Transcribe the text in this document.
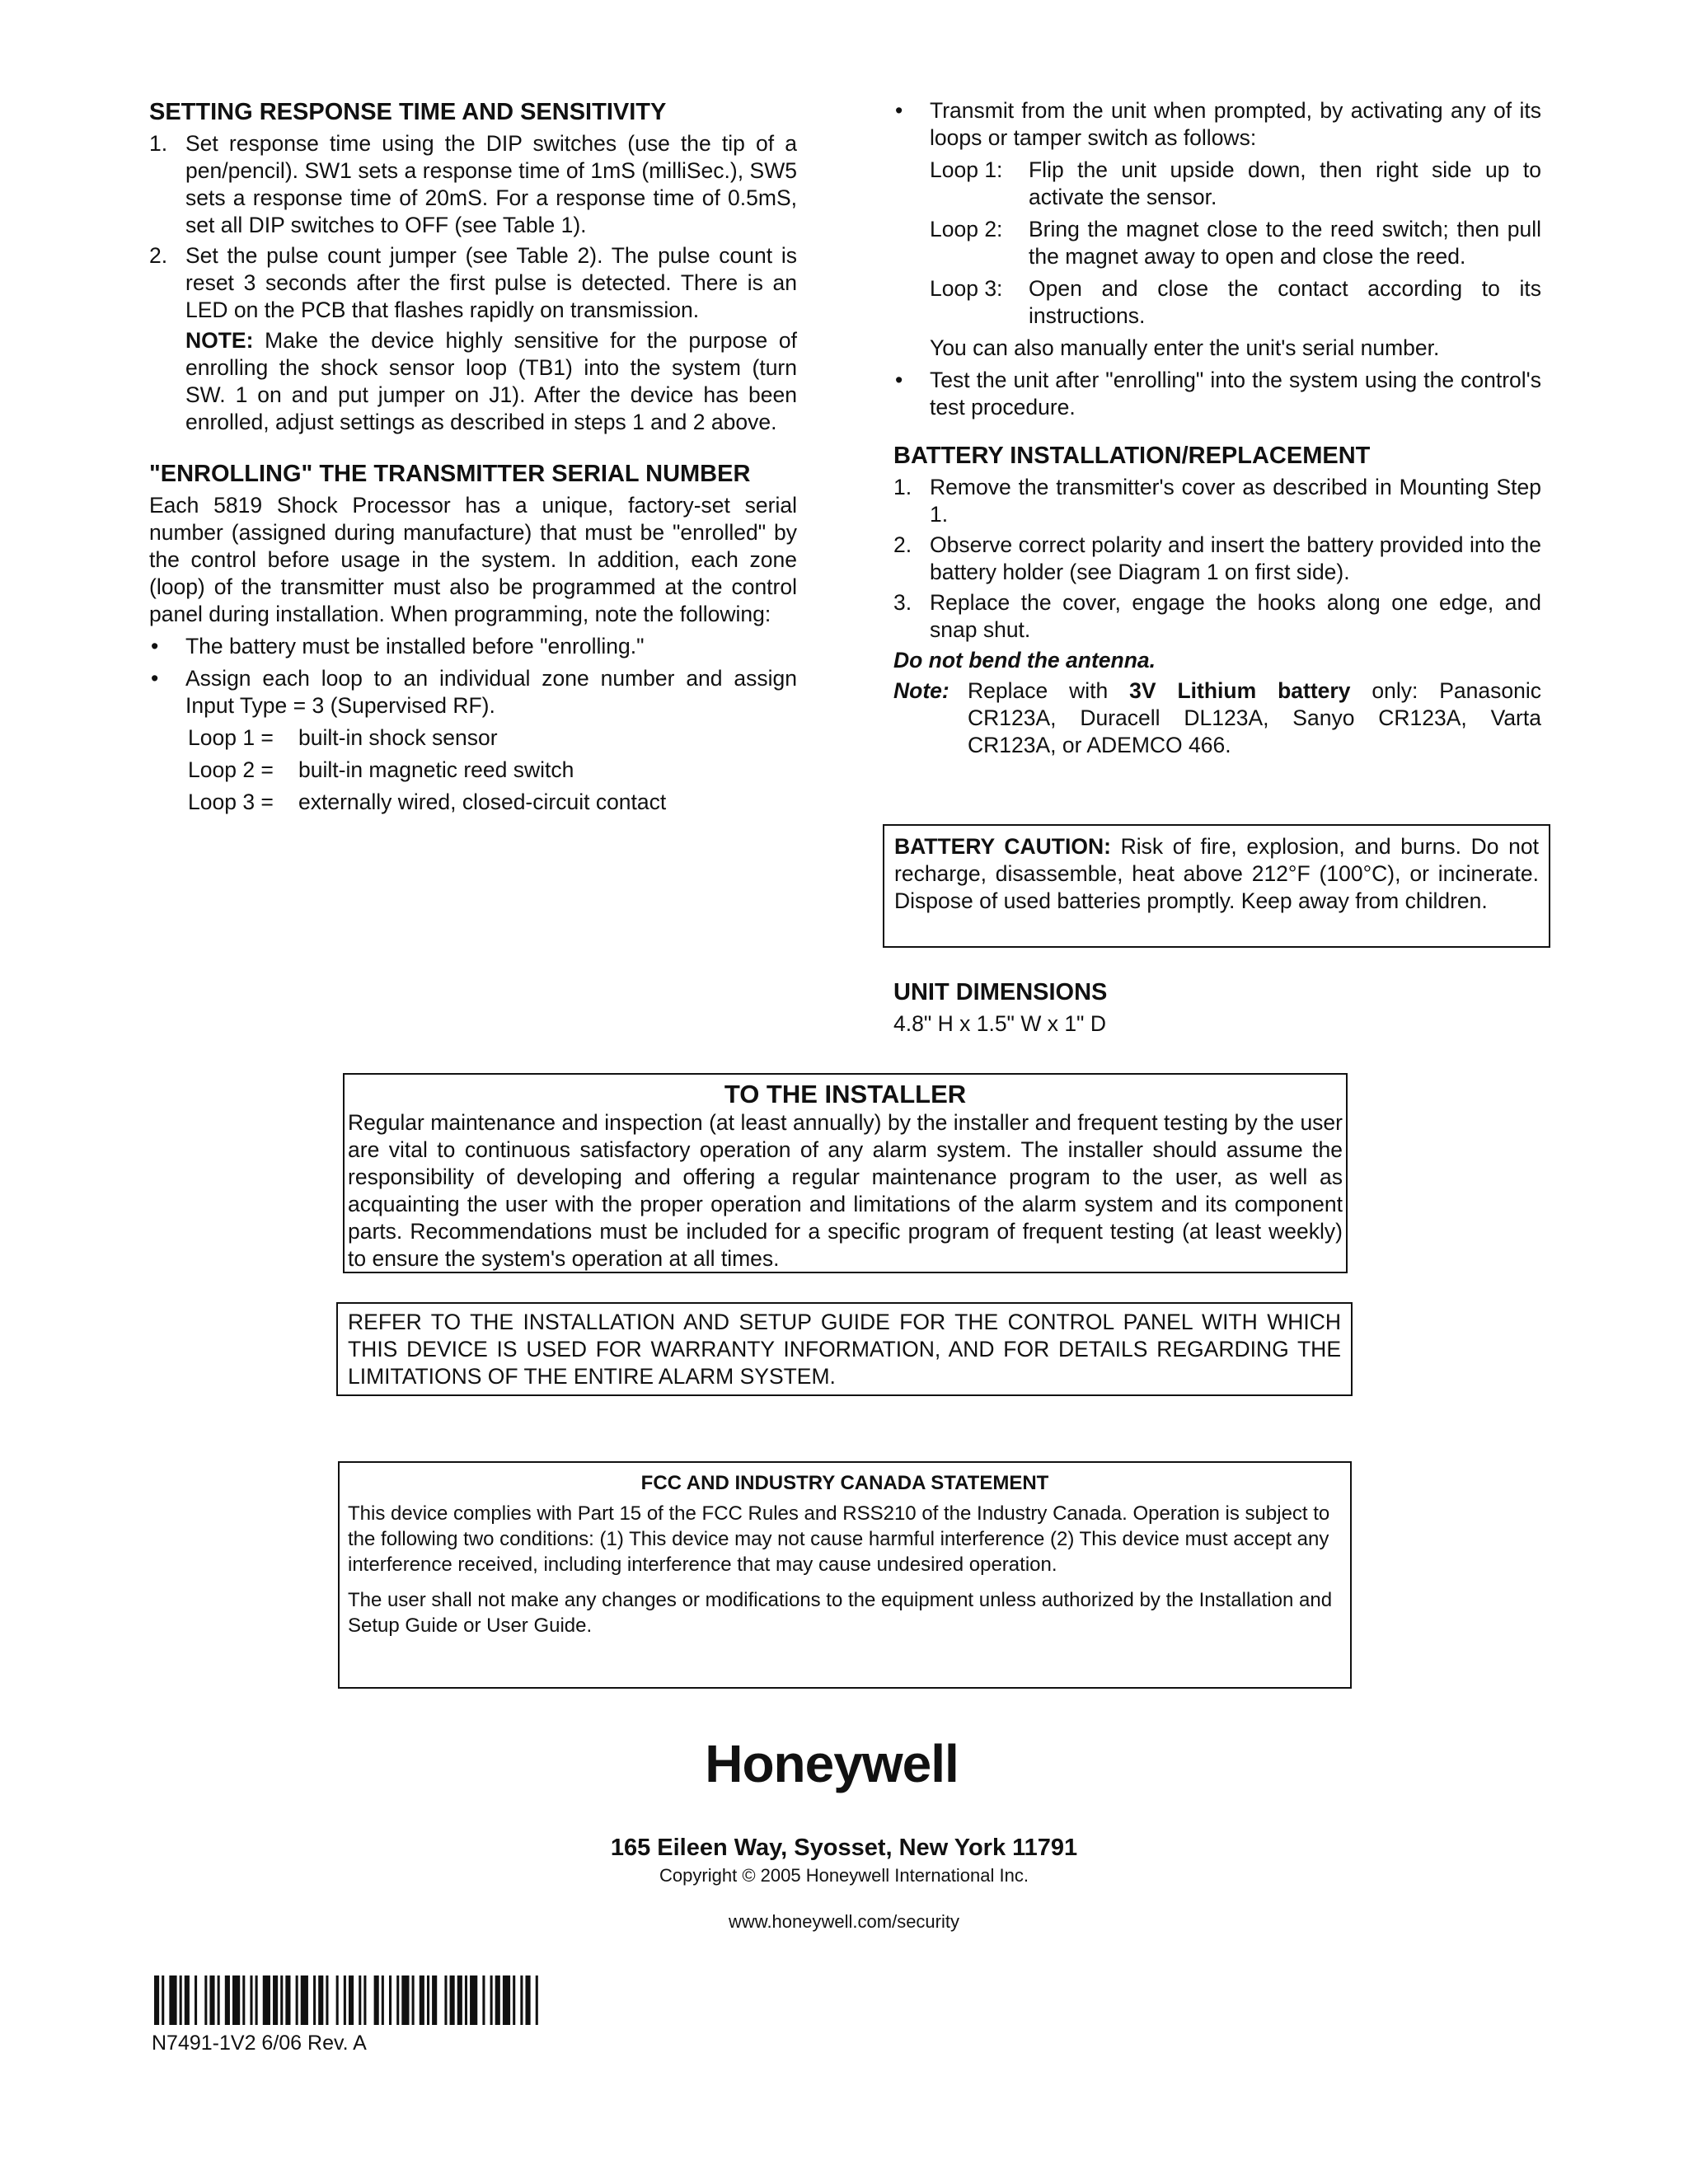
SETTING RESPONSE TIME AND SENSITIVITY
1. Set response time using the DIP switches (use the tip of a pen/pencil). SW1 sets a response time of 1mS (milliSec.), SW5 sets a response time of 20mS. For a response time of 0.5mS, set all DIP switches to OFF (see Table 1).
2. Set the pulse count jumper (see Table 2). The pulse count is reset 3 seconds after the first pulse is detected. There is an LED on the PCB that flashes rapidly on transmission.

NOTE: Make the device highly sensitive for the purpose of enrolling the shock sensor loop (TB1) into the system (turn SW. 1 on and put jumper on J1). After the device has been enrolled, adjust settings as described in steps 1 and 2 above.

"ENROLLING" THE TRANSMITTER SERIAL NUMBER

Each 5819 Shock Processor has a unique, factory-set serial number (assigned during manufacture) that must be "enrolled" by the control before usage in the system. In addition, each zone (loop) of the transmitter must also be programmed at the control panel during installation. When programming, note the following:

• The battery must be installed before "enrolling."
• Assign each loop to an individual zone number and assign Input Type = 3 (Supervised RF).
Loop 1 =	built-in shock sensor
Loop 2 =	built-in magnetic reed switch
Loop 3 =	externally wired, closed-circuit contact
• Transmit from the unit when prompted, by activating any of its loops or tamper switch as follows:
Loop 1:	Flip the unit upside down, then right side up to activate the sensor.
Loop 2:	Bring the magnet close to the reed switch; then pull the magnet away to open and close the reed.
Loop 3:	Open and close the contact according to its instructions.

You can also manually enter the unit's serial number.

• Test the unit after "enrolling" into the system using the control's test procedure.
BATTERY INSTALLATION/REPLACEMENT
1. Remove the transmitter's cover as described in Mounting Step 1.
2. Observe correct polarity and insert the battery provided into the battery holder (see Diagram 1 on first side).
3. Replace the cover, engage the hooks along one edge, and snap shut.

Do not bend the antenna.

Note: Replace with 3V Lithium battery only: Panasonic CR123A, Duracell DL123A, Sanyo CR123A, Varta CR123A, or ADEMCO 466.
BATTERY CAUTION: Risk of fire, explosion, and burns. Do not recharge, disassemble, heat above 212°F (100°C), or incinerate. Dispose of used batteries promptly. Keep away from children.
UNIT DIMENSIONS

4.8" H x 1.5" W x 1" D

TO THE INSTALLER

Regular maintenance and inspection (at least annually) by the installer and frequent testing by the user are vital to continuous satisfactory operation of any alarm system. The installer should assume the responsibility of developing and offering a regular maintenance program to the user, as well as acquainting the user with the proper operation and limitations of the alarm system and its component parts. Recommendations must be included for a specific program of frequent testing (at least weekly) to ensure the system's operation at all times.

REFER TO THE INSTALLATION AND SETUP GUIDE FOR THE CONTROL PANEL WITH WHICH THIS DEVICE IS USED FOR WARRANTY INFORMATION, AND FOR DETAILS REGARDING THE LIMITATIONS OF THE ENTIRE ALARM SYSTEM.
FCC AND INDUSTRY CANADA STATEMENT

This device complies with Part 15 of the FCC Rules and RSS210 of the Industry Canada. Operation is subject to the following two conditions: (1) This device may not cause harmful interference (2) This device must accept any interference received, including interference that may cause undesired operation.

The user shall not make any changes or modifications to the equipment unless authorized by the Installation and Setup Guide or User Guide.

Honeywell
165 Eileen Way, Syosset, New York 11791
Copyright © 2005 Honeywell International Inc.
www.honeywell.com/security
N7491-1V2 6/06 Rev. A
